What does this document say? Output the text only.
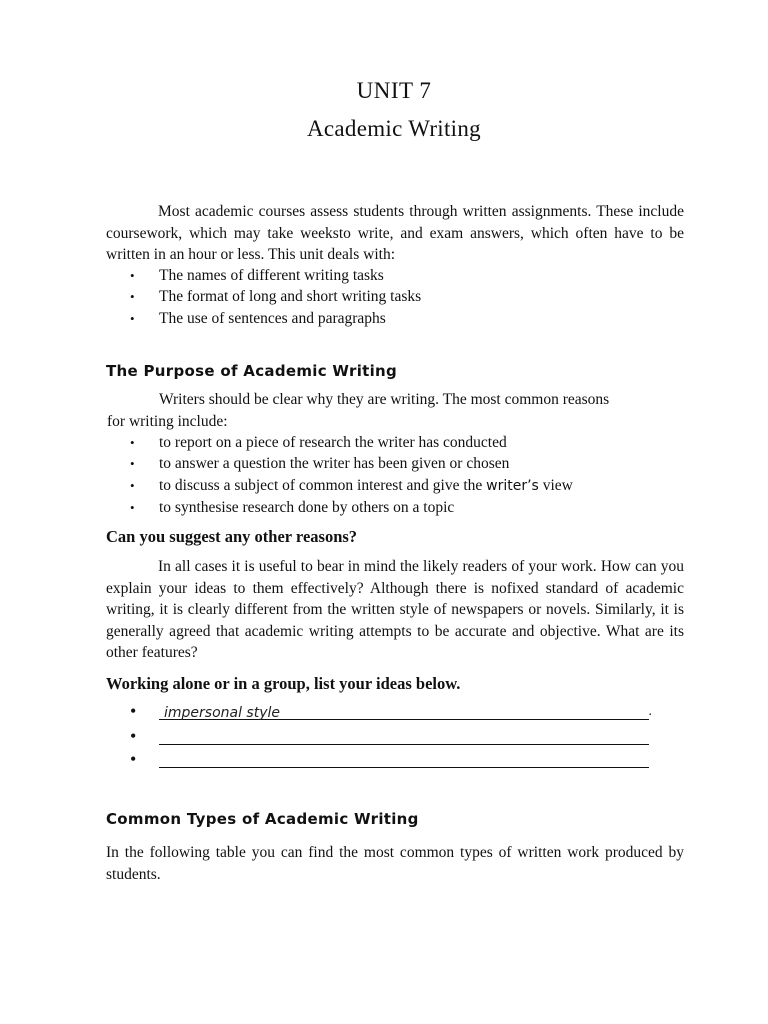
UNIT 7
Academic Writing

Most academic courses assess students through written assignments. These include coursework, which may take weeksto write, and exam answers, which often have to be written in an hour or less. This unit deals with:

• The names of different writing tasks
• The format of long and short writing tasks
• The use of sentences and paragraphs
The Purpose of Academic Writing
Writers should be clear why they are writing. The most common reasons
for writing include:
• to report on a piece of research the writer has conducted
• to answer a question the writer has been given or chosen
• to discuss a subject of common interest and give the writer’s view
• to synthesise research done by others on a topic
Can you suggest any other reasons?

In all cases it is useful to bear in mind the likely readers of your work. How can you explain your ideas to them effectively? Although there is nofixed standard of academic writing, it is clearly different from the written style of newspapers or novels. Similarly, it is generally agreed that academic writing attempts to be accurate and objective. What are its other features?

Working alone or in a group, list your ideas below.
• impersonal style	.
•
•
Common Types of Academic Writing

In the following table you can find the most common types of written work produced by students.
